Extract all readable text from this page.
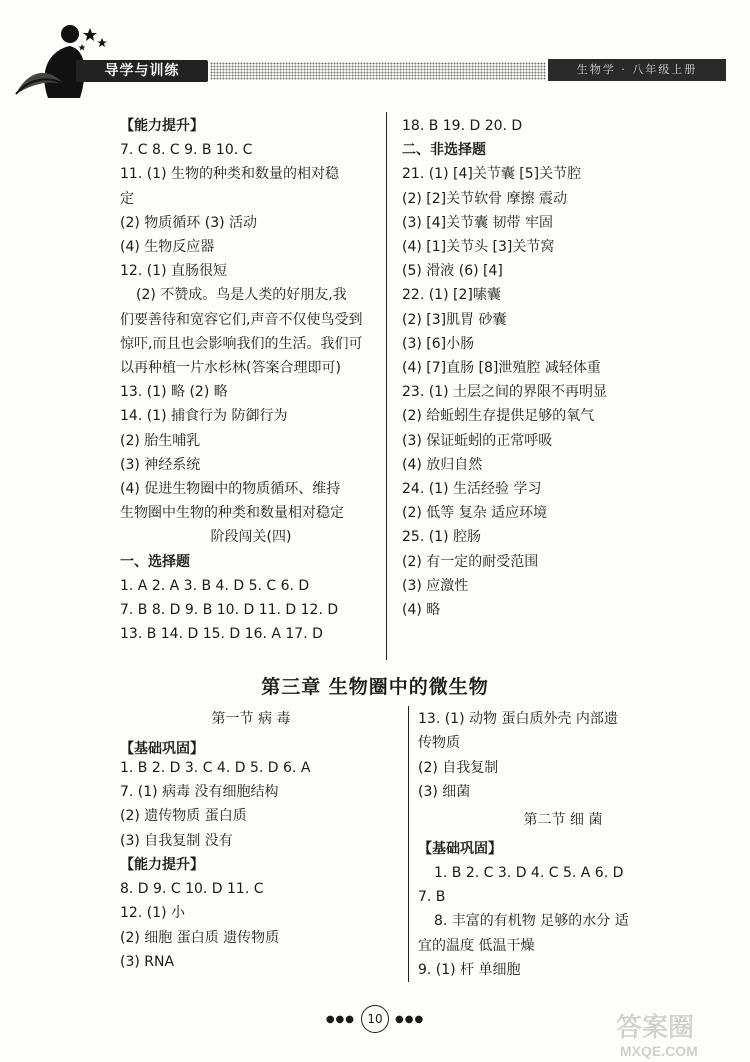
导学与训练	生物学 · 八年级上册
【能力提升】
7. C 8. C 9. B 10. C
11. (1) 生物的种类和数量的相对稳
定
(2) 物质循环 (3) 活动
(4) 生物反应器
12. (1) 直肠很短
(2) 不赞成。鸟是人类的好朋友,我
们要善待和宽容它们,声音不仅使鸟受到
惊吓,而且也会影响我们的生活。我们可
以再种植一片水杉林(答案合理即可)
13. (1) 略 (2) 略
14. (1) 捕食行为 防御行为
(2) 胎生哺乳
(3) 神经系统
(4) 促进生物圈中的物质循环、维持
生物圈中生物的种类和数量相对稳定
阶段闯关(四)
一、选择题
1. A 2. A 3. B 4. D 5. C 6. D
7. B 8. D 9. B 10. D 11. D 12. D
13. B 14. D 15. D 16. A 17. D
18. B 19. D 20. D
二、非选择题
21. (1) [4]关节囊 [5]关节腔
(2) [2]关节软骨 摩擦 震动
(3) [4]关节囊 韧带 牢固
(4) [1]关节头 [3]关节窝
(5) 滑液 (6) [4]
22. (1) [2]嗉囊
(2) [3]肌胃 砂囊
(3) [6]小肠
(4) [7]直肠 [8]泄殖腔 减轻体重
23. (1) 土层之间的界限不再明显
(2) 给蚯蚓生存提供足够的氧气
(3) 保证蚯蚓的正常呼吸
(4) 放归自然
24. (1) 生活经验 学习
(2) 低等 复杂 适应环境
25. (1) 腔肠
(2) 有一定的耐受范围
(3) 应激性
(4) 略
第三章 生物圈中的微生物
第一节 病 毒
【基础巩固】
1. B 2. D 3. C 4. D 5. D 6. A
7. (1) 病毒 没有细胞结构
(2) 遗传物质 蛋白质
(3) 自我复制 没有
【能力提升】
8. D 9. C 10. D 11. C
12. (1) 小
(2) 细胞 蛋白质 遗传物质
(3) RNA
13. (1) 动物 蛋白质外壳 内部遗
传物质
(2) 自我复制
(3) 细菌
第二节 细 菌
【基础巩固】
1. B 2. C 3. D 4. C 5. A 6. D
7. B
8. 丰富的有机物 足够的水分 适
宜的温度 低温干燥
9. (1) 杆 单细胞
●●●	10	●●●	答案圈
MXQE.COM
